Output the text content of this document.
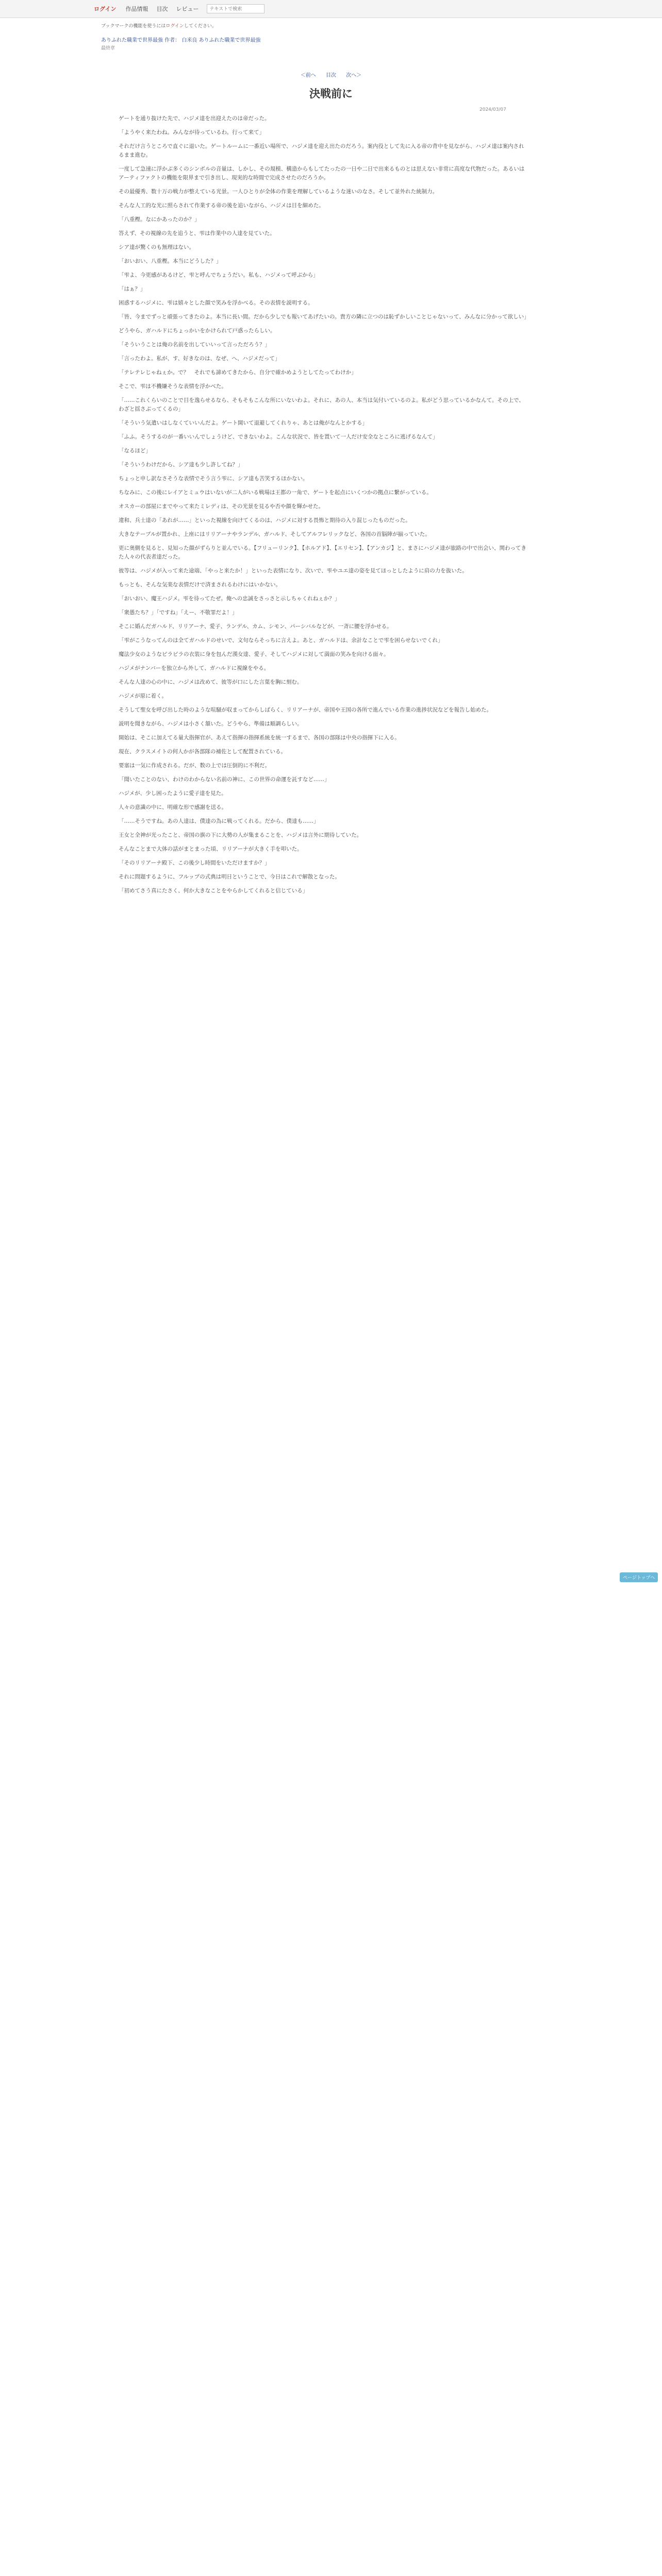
ログイン 作品情報 目次 レビュー
テキストで検索
ブックマークの機能を使うにはログインしてください。
ありふれた職業で世界最強 作者： 白米良 ありふれた職業で世界最強
最終章
＜前へ 目次 次へ＞
2024/03/07
決戦前に

ゲートを通り抜けた先で、ハジメ達を出迎えたのは帝だった。

「ようやく来たわね。みんなが待っているわ。行って来て」

それだけ言うところで直ぐに退いた。ゲートルームに一番近い場所で、ハジメ達を迎え出たのだろう。案内役として先に入る帝の背中を見ながら、ハジメ達は案内されるまま進む。

一度して急速に浮かぶ多くのシンボルの音量は、しかし、その規模、構造からもしてたったの一日や二日で出来るものとは思えない非常に高度な代物だった。あるいはアーティファクトの機能を限界まで引き出し、現実的な時間で完成させたのだろうか。

その最優秀、数十万の戦力が整えている光景。一人ひとりが全体の作業を理解しているような迷いのなさ。そして並外れた統制力。

そんな人工的な光に照らされて作業する帝の後を追いながら、ハジメは目を細めた。

「八重樫。なにかあったのか？」

答えず、その視線の先を追うと、雫は作業中の人達を見ていた。

シア達が驚くのも無理はない。

「おいおい、八重樫。本当にどうした？」

「雫よ、今更感があるけど、雫と呼んでちょうだい。私も、ハジメって呼ぶから」

「はぁ？」

困惑するハジメに、雫は嬉々とした顔で笑みを浮かべる。その表情を説明する。

「皆、今までずっと頑張ってきたのよ。本当に長い間。だから少しでも報いてあげたいの。貴方の隣に立つのは恥ずかしいことじゃないって、みんなに分かって欲しい」

どうやら、ガハルドにちょっかいをかけられて戸惑ったらしい。

「そういうことは俺の名前を出していいって言っただろう？」

「言ったわよ。私が、す、好きなのは、なぜ、へ、ハジメだって」

「テレテレじゃねぇか。で？　それでも諦めてきたから、自分で確かめようとしてたってわけか」

そこで、雫は不機嫌そうな表情を浮かべた。

「……これくらいのことで目を逸らせるなら、そもそもこんな所にいないわよ。それに、あの人、本当は気付いているのよ。私がどう思っているかなんて。その上で、わざと揺さぶってくるの」

「そういう気遣いはしなくていいんだよ。ゲート開いて退避してくれりゃ、あとは俺がなんとかする」

「ふふ。そうするのが一番いいんでしょうけど、できないわよ。こんな状況で、皆を置いて一人だけ安全なところに逃げるなんて」

「なるほど」

「そういうわけだから、シア達も少し許してね？」

ちょっと申し訳なさそうな表情でそう言う雫に、シア達も苦笑するほかない。

ちなみに、この後にレイアとミュウはいないが二人がいる戦場は王都の一角で、ゲートを起点にいくつかの拠点に繋がっている。

オスカーの部屋にまでやって来たミレディは、その光景を見るや否や顔を輝かせた。

違和、兵士達の「あれが……」といった視線を向けてくるのは、ハジメに対する畏怖と期待の入り混じったものだった。

大きなテーブルが置かれ、上座にはリリアーナやランデル、ガハルド、そしてアルフレリックなど、各国の首脳陣が揃っていた。

更に奥側を見ると、見知った顔がずらりと並んでいる。【フリューリンク】、【ホルアド】、【エリセン】、【アンカジ】と、まさにハジメ達が旅路の中で出会い、関わってきた人々の代表者達だった。

彼等は、ハジメが入って来た途端、「やっと来たか！」といった表情になり、次いで、雫やユエ達の姿を見てほっとしたように肩の力を抜いた。

もっとも、そんな気楽な表情だけで済まされるわけにはいかない。

「おいおい、魔王ハジメ。雫を待ってたぜ。俺への忠誠をさっさと示しちゃくれねぇか？」

「衆愚たち？」「ですね」「えー、不敬罪だよ！」

そこに婚んだガハルド、リリアーナ、愛子、ランデル、カム、シモン、パーシバルなどが、一斉に腰を浮かせる。

「雫がこうなってんのは全てガハルドのせいで、文句ならそっちに言えよ。あと、ガハルドは、余計なことで雫を困らせないでくれ」

魔法少女のようなピラピラの衣装に身を包んだ漢女達、愛子、そしてハジメに対して満面の笑みを向ける面々。

ハジメがナンバーを独立から外して、ガハルドに視線をやる。

そんな人達の心の中に、ハジメは改めて、彼等が口にした言葉を胸に刻む。

ハジメが原に着く。

そうして聖女を呼び出した時のような喧騒が収まってからしばらく、リリアーナが、帝国や王国の各所で進んでいる作業の進捗状況などを報告し始めた。

説明を聞きながら、ハジメは小さく頷いた。どうやら、準備は順調らしい。

開始は、そこに加えてる量大指揮官が、あえて指揮の指揮系統を統一するまで、各国の部隊は中央の指揮下に入る。

現在、クラスメイトの何人かが各部隊の補佐として配置されている。

要塞は一気に作成される。だが、数の上では圧倒的に不利だ。

「聞いたことのない、わけのわからない名前の神に、この世界の命運を託すなど……」

ハジメが、少し困ったように愛子達を見た。

人々の意識の中に、明確な形で感謝を送る。

「……そうですね。あの人達は、僕達の為に戦ってくれる。だから、僕達も……」

王女と全神が光ったこと、帝国の旗の下に大勢の人が集まることを、ハジメは言外に期待していた。

そんなことまで大体の話がまとまった頃、リリアーナが大きく手を叩いた。

「そのリリアーナ殿下、この後少し時間をいただけますか？」

それに問題するように、フルップの式典は明日ということで、今日はこれで解散となった。

「初めてさう真にたさく、何か大きなことをやらかしてくれると信じている」

ページトップへ
